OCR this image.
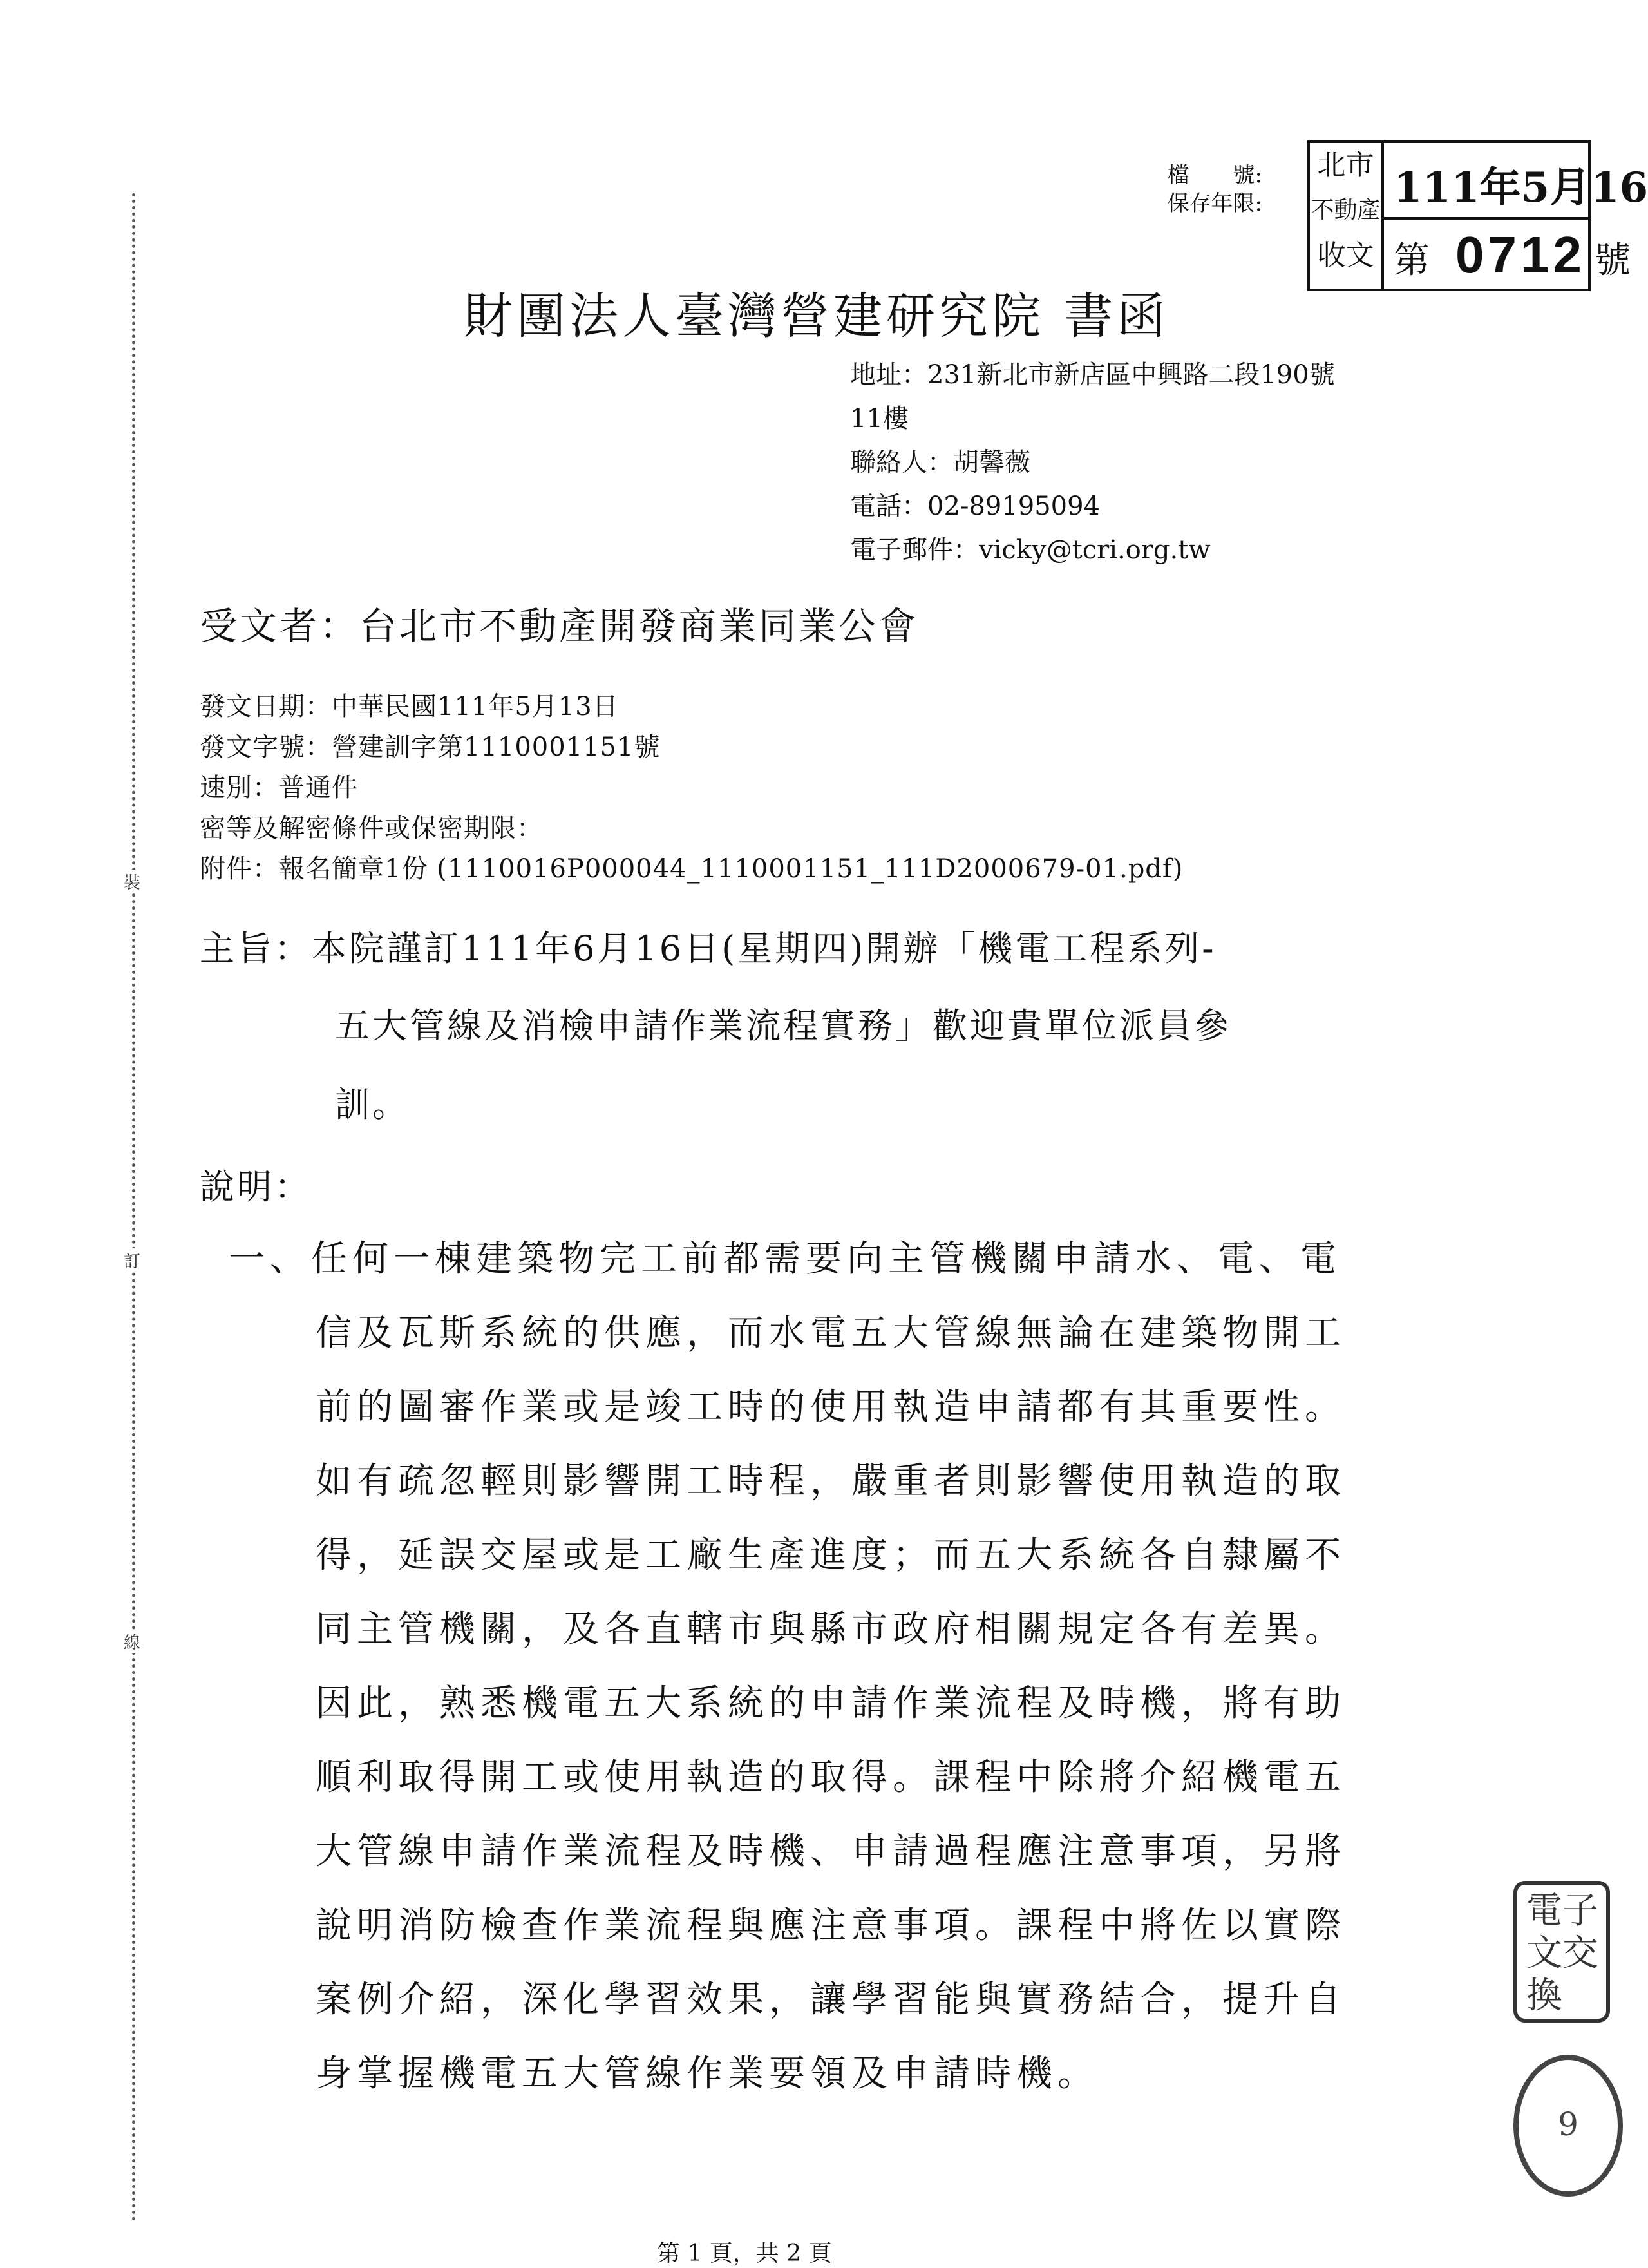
裝
訂
線
檔　　號:
保存年限:
北市
不動產
收文
111年5月16
第 0712 號
財團法人臺灣營建研究院 書函
地址：231新北市新店區中興路二段190號
11樓
聯絡人：胡馨薇
電話：02-89195094
電子郵件：vicky@tcri.org.tw
受文者：台北市不動產開發商業同業公會
發文日期：中華民國111年5月13日
發文字號：營建訓字第1110001151號
速別：普通件
密等及解密條件或保密期限：
附件：報名簡章1份 (1110016P000044_1110001151_111D2000679-01.pdf)
主旨：本院謹訂111年6月16日(星期四)開辦「機電工程系列-
五大管線及消檢申請作業流程實務」歡迎貴單位派員參
訓。
說明：
一、任何一棟建築物完工前都需要向主管機關申請水、電、電
信及瓦斯系統的供應，而水電五大管線無論在建築物開工
前的圖審作業或是竣工時的使用執造申請都有其重要性。
如有疏忽輕則影響開工時程，嚴重者則影響使用執造的取
得，延誤交屋或是工廠生產進度；而五大系統各自隸屬不
同主管機關，及各直轄市與縣市政府相關規定各有差異。
因此，熟悉機電五大系統的申請作業流程及時機，將有助
順利取得開工或使用執造的取得。課程中除將介紹機電五
大管線申請作業流程及時機、申請過程應注意事項，另將
說明消防檢查作業流程與應注意事項。課程中將佐以實際
案例介紹，深化學習效果，讓學習能與實務結合，提升自
身掌握機電五大管線作業要領及申請時機。
電子文交換
9
第 1 頁，共 2 頁
